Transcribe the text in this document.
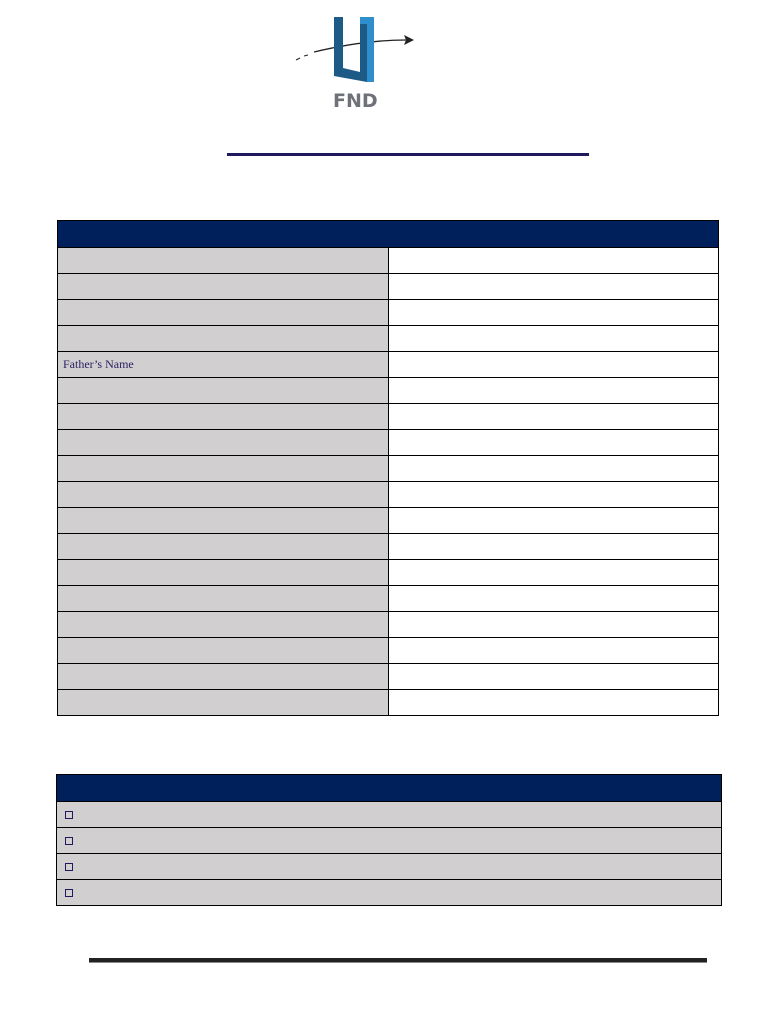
FND

Father’s Name	
